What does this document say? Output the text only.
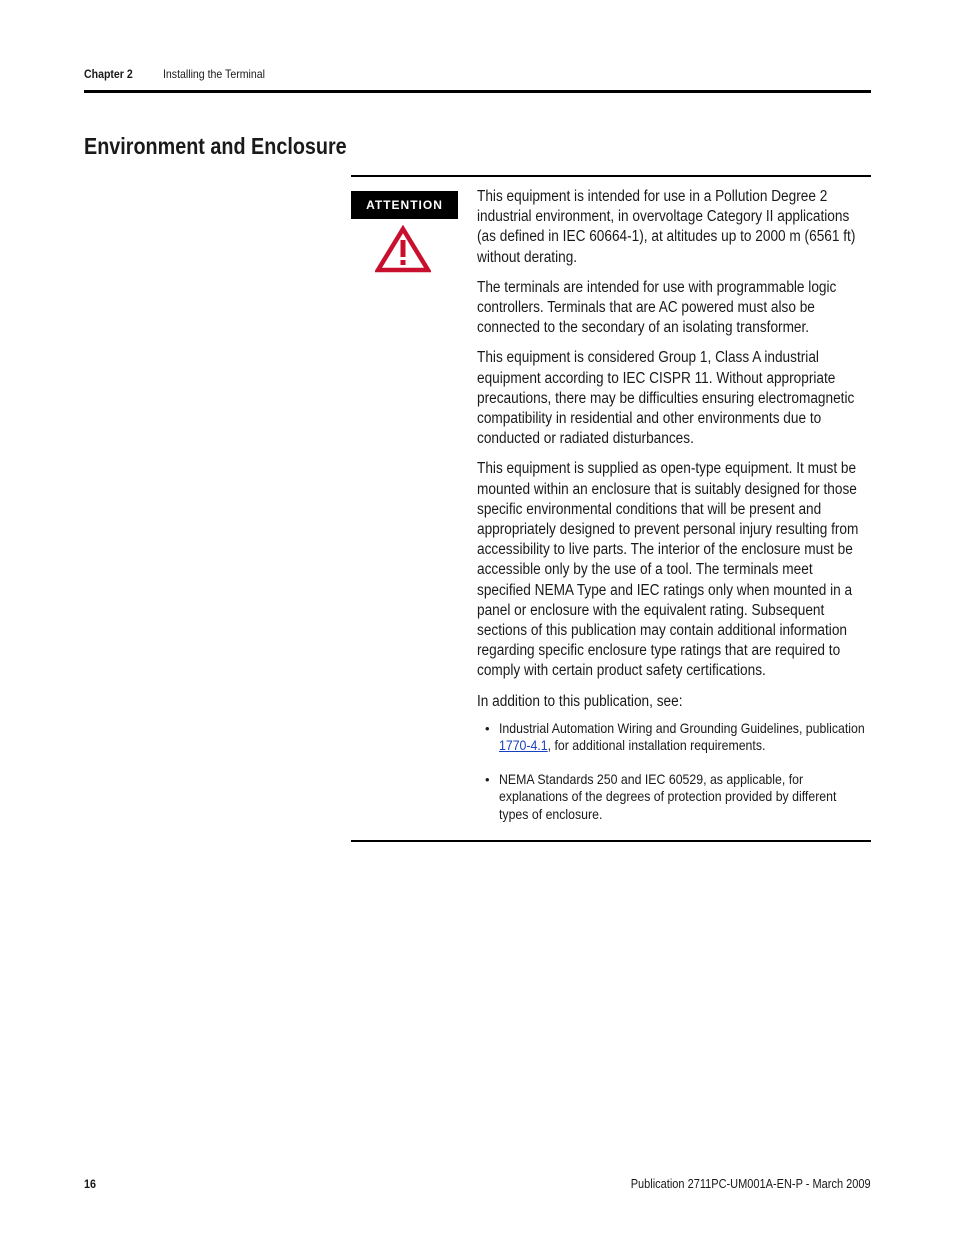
Chapter 2	Installing the Terminal
Environment and Enclosure
ATTENTION	This equipment is intended for use in a Pollution Degree 2 industrial environment, in overvoltage Category II applications (as defined in IEC 60664-1), at altitudes up to 2000 m (6561 ft) without derating.

The terminals are intended for use with programmable logic controllers. Terminals that are AC powered must also be connected to the secondary of an isolating transformer.

This equipment is considered Group 1, Class A industrial equipment according to IEC CISPR 11. Without appropriate precautions, there may be difficulties ensuring electromagnetic compatibility in residential and other environments due to conducted or radiated disturbances.

This equipment is supplied as open-type equipment. It must be mounted within an enclosure that is suitably designed for those specific environmental conditions that will be present and appropriately designed to prevent personal injury resulting from accessibility to live parts. The interior of the enclosure must be accessible only by the use of a tool. The terminals meet specified NEMA Type and IEC ratings only when mounted in a panel or enclosure with the equivalent rating. Subsequent sections of this publication may contain additional information regarding specific enclosure type ratings that are required to comply with certain product safety certifications.

In addition to this publication, see:

• Industrial Automation Wiring and Grounding Guidelines, publication 1770-4.1, for additional installation requirements.
• NEMA Standards 250 and IEC 60529, as applicable, for explanations of the degrees of protection provided by different types of enclosure.
16	Publication 2711PC-UM001A-EN-P - March 2009
